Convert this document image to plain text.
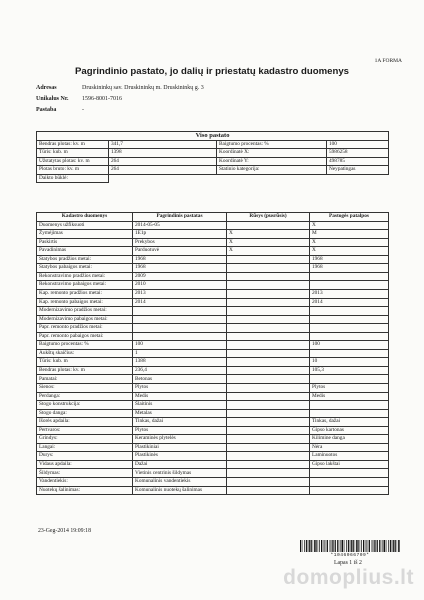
1A FORMA
Pagrindinio pastato, jo dalių ir priestatų kadastro duomenys
Adresas	Druskininkų sav. Druskininkų m. Druskininkų g. 3
Unikalus Nr. 1596-8001-7016
Pastaba	-
Viso pastato			
Bendras plotas: kv. m	341,7	Baigtumo procentas: %	100
Tūris: kub. m	1398	Koordinatė X:	5986258
Užstatytas plotas: kv. m	264	Koordinatė Y:	498785
Plotas bruto: kv. m	264	Statinio kategorija:	Neypatingas
Daikto būklė:			
Kadastro duomenys	Pagrindinis pastatas	Rūsys (pusrūsis)	Pastogės patalpos
Duomenys užfiksuoti	2014-05-05		X
Žymėjimas	1E1p	X	M
Paskirtis	Prekybos	X	X
Pavadinimas	Parduotuvė	X	X
Statybos pradžios metai:	1968		1968
Statybos pabaigos metai:	1968		1968
Rekonstravimo pradžios metai:	2009		
Rekonstravimo pabaigos metai:	2010		
Kap. remonto pradžios metai:	2013		2013
Kap. remonto pabaigos metai:	2014		2014
Modernizavimo pradžios metai:			
Modernizavimo pabaigos metai:			
Papr. remonto pradžios metai:			
Papr. remonto pabaigos metai:			
Baigtumo procentas: %	100		100
Aukštų skaičius:	1		
Tūris: kub. m	1388		10
Bendras plotas: kv. m	236,4		105,3
Pamatai:	Betonas		
Sienos:	Plytos		Plytos
Perdanga:	Medis		Medis
Stogo konstrukcija:	Šlaitinis		
Stogo danga:	Metalas		
Išorės apdaila:	Tinkas, dažai		Tinkas, dažai
Pertvaros:	Plytos		Gipso kartonas
Grindys:	Keraminės plytelės		Kilimine danga
Langai:	Plastikiniai		Nėra
Durys:	Plastikinės		Laminuotos
Vidaus apdaila:	Dažai		Gipso lakštai
Šildymas:	Vietinis centrinis šildymas		
Vandentiekis:	Komunalinis vandentiekis		
Nuotekų šalinimas:	Komunalinis nuotekų šalinimas		
23-Geg-2014 19:09:18
*1046066709*
Lapas 1 iš 2
domoplius.lt
